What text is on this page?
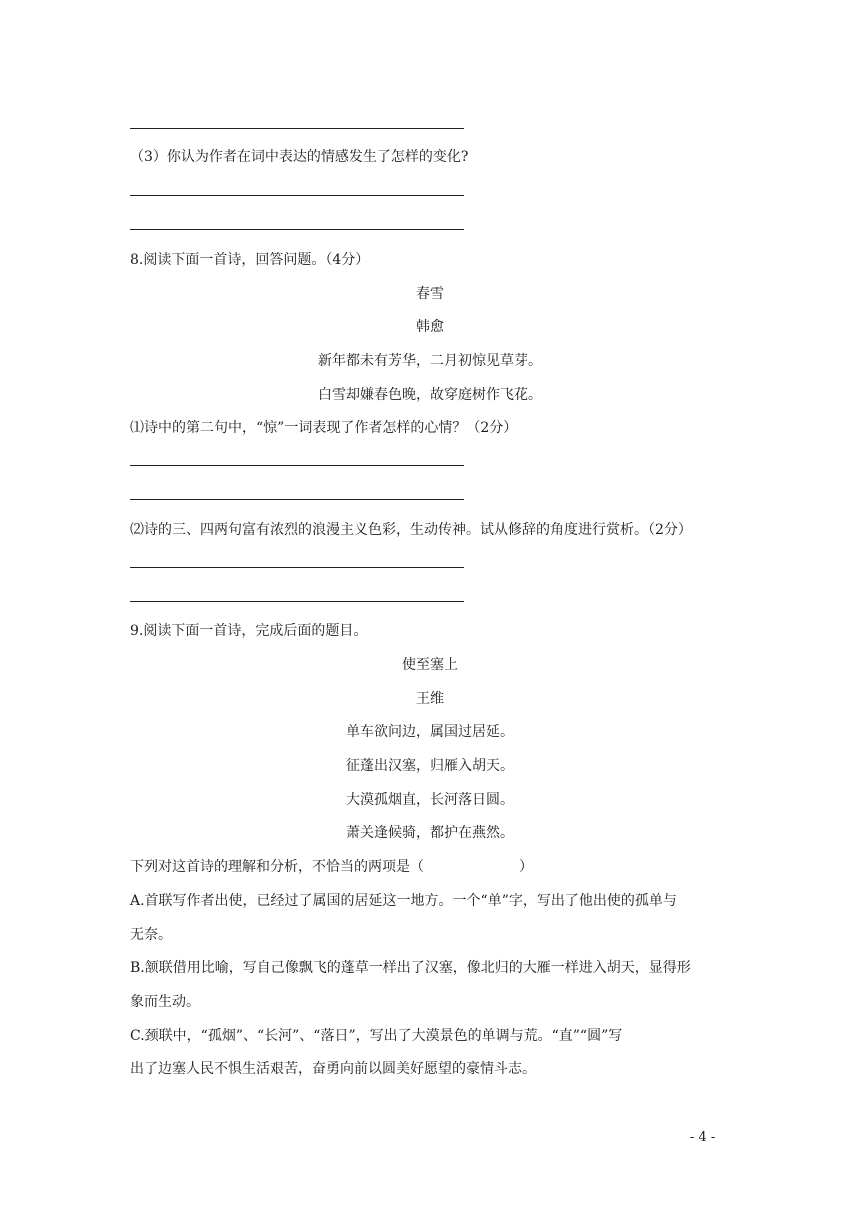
（3）你认为作者在词中表达的情感发生了怎样的变化?
8.阅读下面一首诗，回答问题。（4分）
春雪
韩愈
新年都未有芳华，二月初惊见草芽。
白雪却嫌春色晚，故穿庭树作飞花。
⑴诗中的第二句中，“惊”一词表现了作者怎样的心情？（2分）
⑵诗的三、四两句富有浓烈的浪漫主义色彩，生动传神。试从修辞的角度进行赏析。（2分）
9.阅读下面一首诗，完成后面的题目。
使至塞上
王维
单车欲问边，属国过居延。
征蓬出汉塞，归雁入胡天。
大漠孤烟直，长河落日圆。
萧关逢候骑，都护在燕然。
下列对这首诗的理解和分析，不恰当的两项是（	）
A.首联写作者出使，已经过了属国的居延这一地方。一个“单”字，写出了他出使的孤单与
无奈。
B.颔联借用比喻，写自己像飘飞的蓬草一样出了汉塞，像北归的大雁一样进入胡天，显得形
象而生动。
C.颈联中，“孤烟”、“长河”、“落日”，写出了大漠景色的单调与荒。“直”“圆”写
出了边塞人民不惧生活艰苦，奋勇向前以圆美好愿望的豪情斗志。
- 4 -
